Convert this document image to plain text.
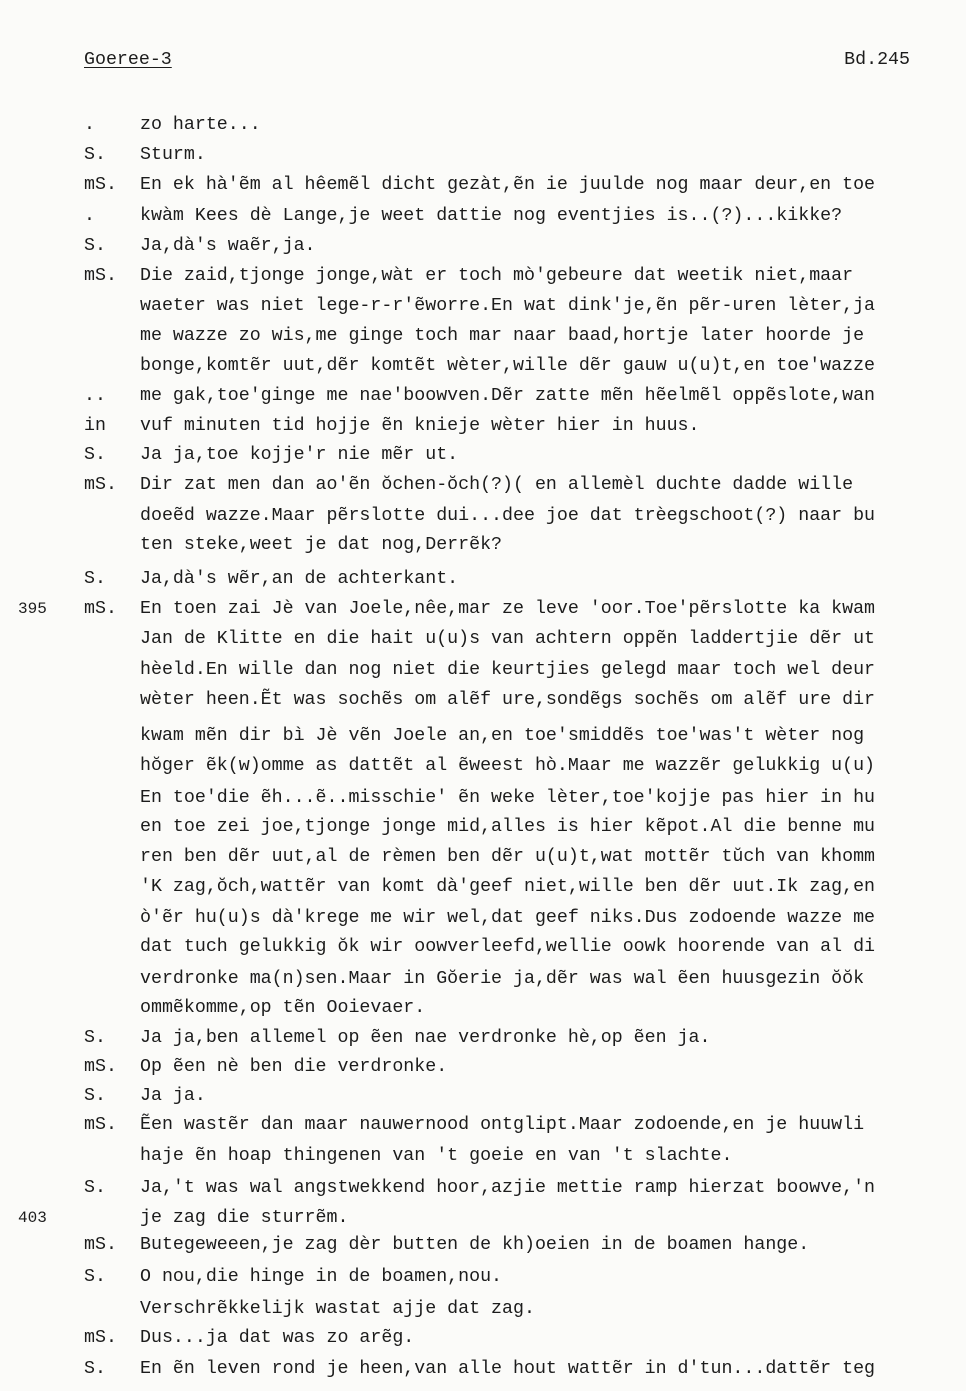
Goeree-3	Bd.245
.	zo harte...
S.	Sturm.
mS.	En ek hà'ẽm al hêemẽl dicht gezàt,ẽn ie juulde nog maar deur,en toe
.	kwàm Kees dè Lange,je weet dattie nog eventjies is..(?)...kikke?
S.	Ja,dà's waẽr,ja.
mS.	Die zaid,tjonge jonge,wàt er toch mò'gebeure dat weetik niet,maar
waeter was niet lege-r-r'ẽworre.En wat dink'je,ẽn pẽr-uren lèter,ja
me wazze zo wis,me ginge toch mar naar baad,hortje later hoorde je
bonge,komtẽr uut,dẽr komtẽt wèter,wille dẽr gauw u(u)t,en toe'wazze
..	me gak,toe'ginge me nae'boowven.Dẽr zatte mẽn hẽelmẽl oppẽslote,wan
in	vuf minuten tid hojje ẽn knieje wèter hier in huus.
S.	Ja ja,toe kojje'r nie mẽr ut.
mS.	Dir zat men dan ao'ẽn ŏchen-ŏch(?)( en allemèl duchte dadde wille
doeẽd wazze.Maar pẽrslotte dui...dee joe dat trèegschoot(?) naar bu
ten steke,weet je dat nog,Derrẽk?
S.	Ja,dà's wẽr,an de achterkant.
395	mS.	En toen zai Jè van Joele,nêe,mar ze leve 'oor.Toe'pẽrslotte ka kwam
Jan de Klitte en die hait u(u)s van achtern oppẽn laddertjie dẽr ut
hèeld.En wille dan nog niet die keurtjies gelegd maar toch wel deur
wèter heen.Ẽt was sochẽs om alẽf ure,sondẽgs sochẽs om alẽf ure dir
kwam mẽn dir bì Jè vẽn Joele an,en toe'smiddẽs toe'was't wèter nog
hŏger ẽk(w)omme as dattẽt al ẽweest hò.Maar me wazzẽr gelukkig u(u)
En toe'die ẽh...ẽ..misschie' ẽn weke lèter,toe'kojje pas hier in hu
en toe zei joe,tjonge jonge mid,alles is hier kẽpot.Al die benne mu
ren ben dẽr uut,al de rèmen ben dẽr u(u)t,wat mottẽr tŭch van khomm
'K zag,ŏch,wattẽr van komt dà'geef niet,wille ben dẽr uut.Ik zag,en
ò'ẽr hu(u)s dà'krege me wir wel,dat geef niks.Dus zodoende wazze me
dat tuch gelukkig ŏk wir oowverleefd,wellie oowk hoorende van al di
verdronke ma(n)sen.Maar in Gŏerie ja,dẽr was wal ẽen huusgezin ŏŏk
ommẽkomme,op tẽn Ooievaer.
S.	Ja ja,ben allemel op ẽen nae verdronke hè,op ẽen ja.
mS.	Op ẽen nè ben die verdronke.
S.	Ja ja.
mS.	Ẽen wastẽr dan maar nauwernood ontglipt.Maar zodoende,en je huuwli
haje ẽn hoap thingenen van 't goeie en van 't slachte.
S.	Ja,'t was wal angstwekkend hoor,azjie mettie ramp hierzat boowve,'n
403	je zag die sturrẽm.
mS.	Butegeweeen,je zag dèr butten de kh)oeien in de boamen hange.
S.	O nou,die hinge in de boamen,nou.
Verschrẽkkelijk wastat ajje dat zag.
mS.	Dus...ja dat was zo arẽg.
S.	En ẽn leven rond je heen,van alle hout wattẽr in d'tun...dattẽr teg
